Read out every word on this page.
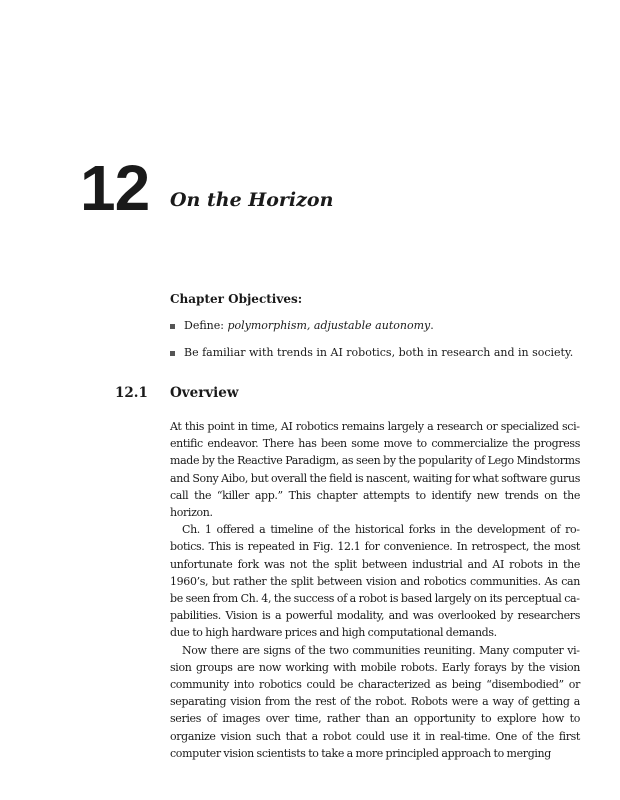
12 On the Horizon
Chapter Objectives:
Define: polymorphism, adjustable autonomy.
Be familiar with trends in AI robotics, both in research and in society.
12.1 Overview

At this point in time, AI robotics remains largely a research or specialized scientific endeavor. There has been some move to commercialize the progress made by the Reactive Paradigm, as seen by the popularity of Lego Mindstorms and Sony Aibo, but overall the field is nascent, waiting for what software gurus call the “killer app.” This chapter attempts to identify new trends on the horizon.

Ch. 1 offered a timeline of the historical forks in the development of robotics. This is repeated in Fig. 12.1 for convenience. In retrospect, the most unfortunate fork was not the split between industrial and AI robots in the 1960’s, but rather the split between vision and robotics communities. As can be seen from Ch. 4, the success of a robot is based largely on its perceptual capabilities. Vision is a powerful modality, and was overlooked by researchers due to high hardware prices and high computational demands.

Now there are signs of the two communities reuniting. Many computer vision groups are now working with mobile robots. Early forays by the vision community into robotics could be characterized as being “disembodied” or separating vision from the rest of the robot. Robots were a way of getting a series of images over time, rather than an opportunity to explore how to organize vision such that a robot could use it in real-time. One of the first computer vision scientists to take a more principled approach to merging
